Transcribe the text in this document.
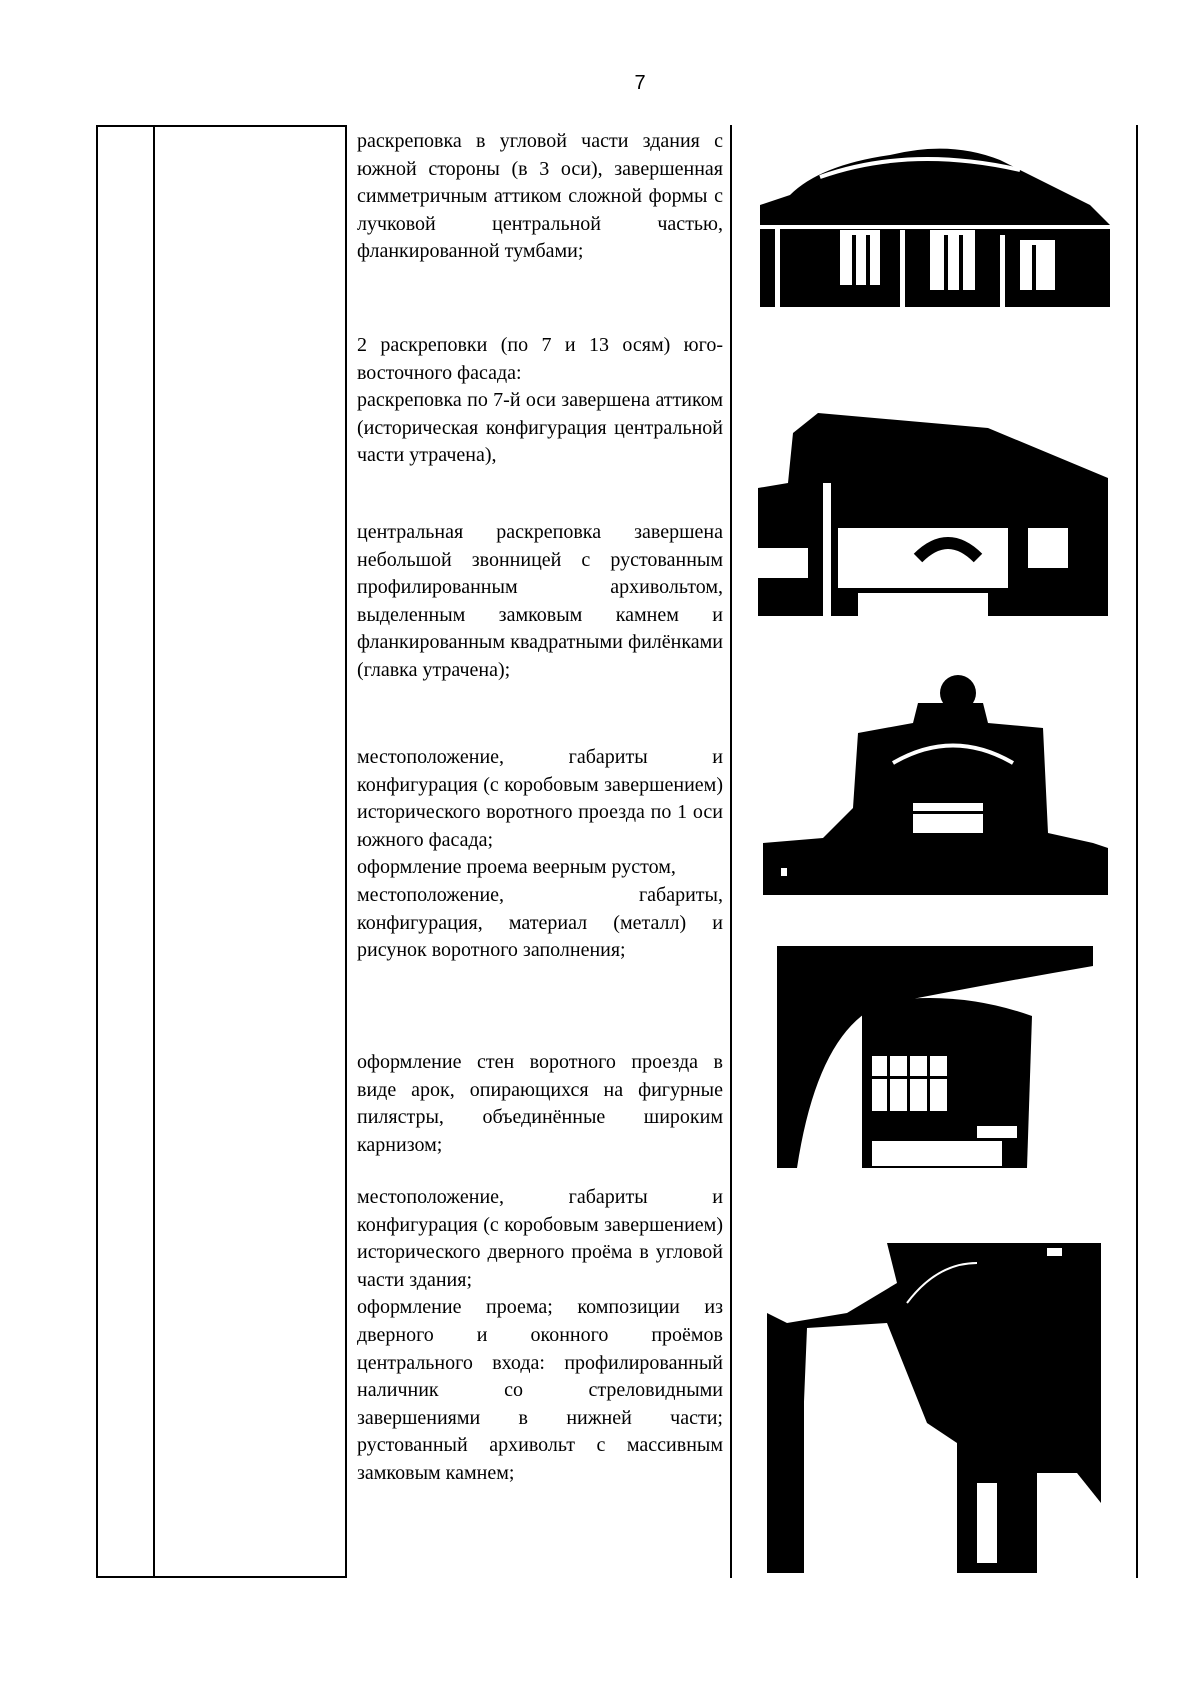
7

раскреповка в угловой части здания с южной стороны (в 3 оси), завершенная симметричным аттиком сложной формы с лучковой центральной частью, фланкированной тумбами;

2 раскреповки (по 7 и 13 осям) юго-восточного фасада:

раскреповка по 7-й оси завершена аттиком (историческая конфигурация центральной части утрачена),

центральная раскреповка завершена небольшой звонницей с рустованным профилированным архивольтом, выделенным замковым камнем и фланкированным квадратными филёнками (главка утрачена);

местоположение, габариты и конфигурация (с коробовым завершением) исторического воротного проезда по 1 оси южного фасада;

оформление проема веерным рустом,

местоположение, габариты, конфигурация, материал (металл) и рисунок воротного заполнения;

оформление стен воротного проезда в виде арок, опирающихся на фигурные пилястры, объединённые широким карнизом;

местоположение, габариты и конфигурация (с коробовым завершением) исторического дверного проёма в угловой части здания;

оформление проема; композиции из дверного и оконного проёмов центрального входа: профилированный наличник со стреловидными завершениями в нижней части; рустованный архивольт с массивным замковым камнем;
